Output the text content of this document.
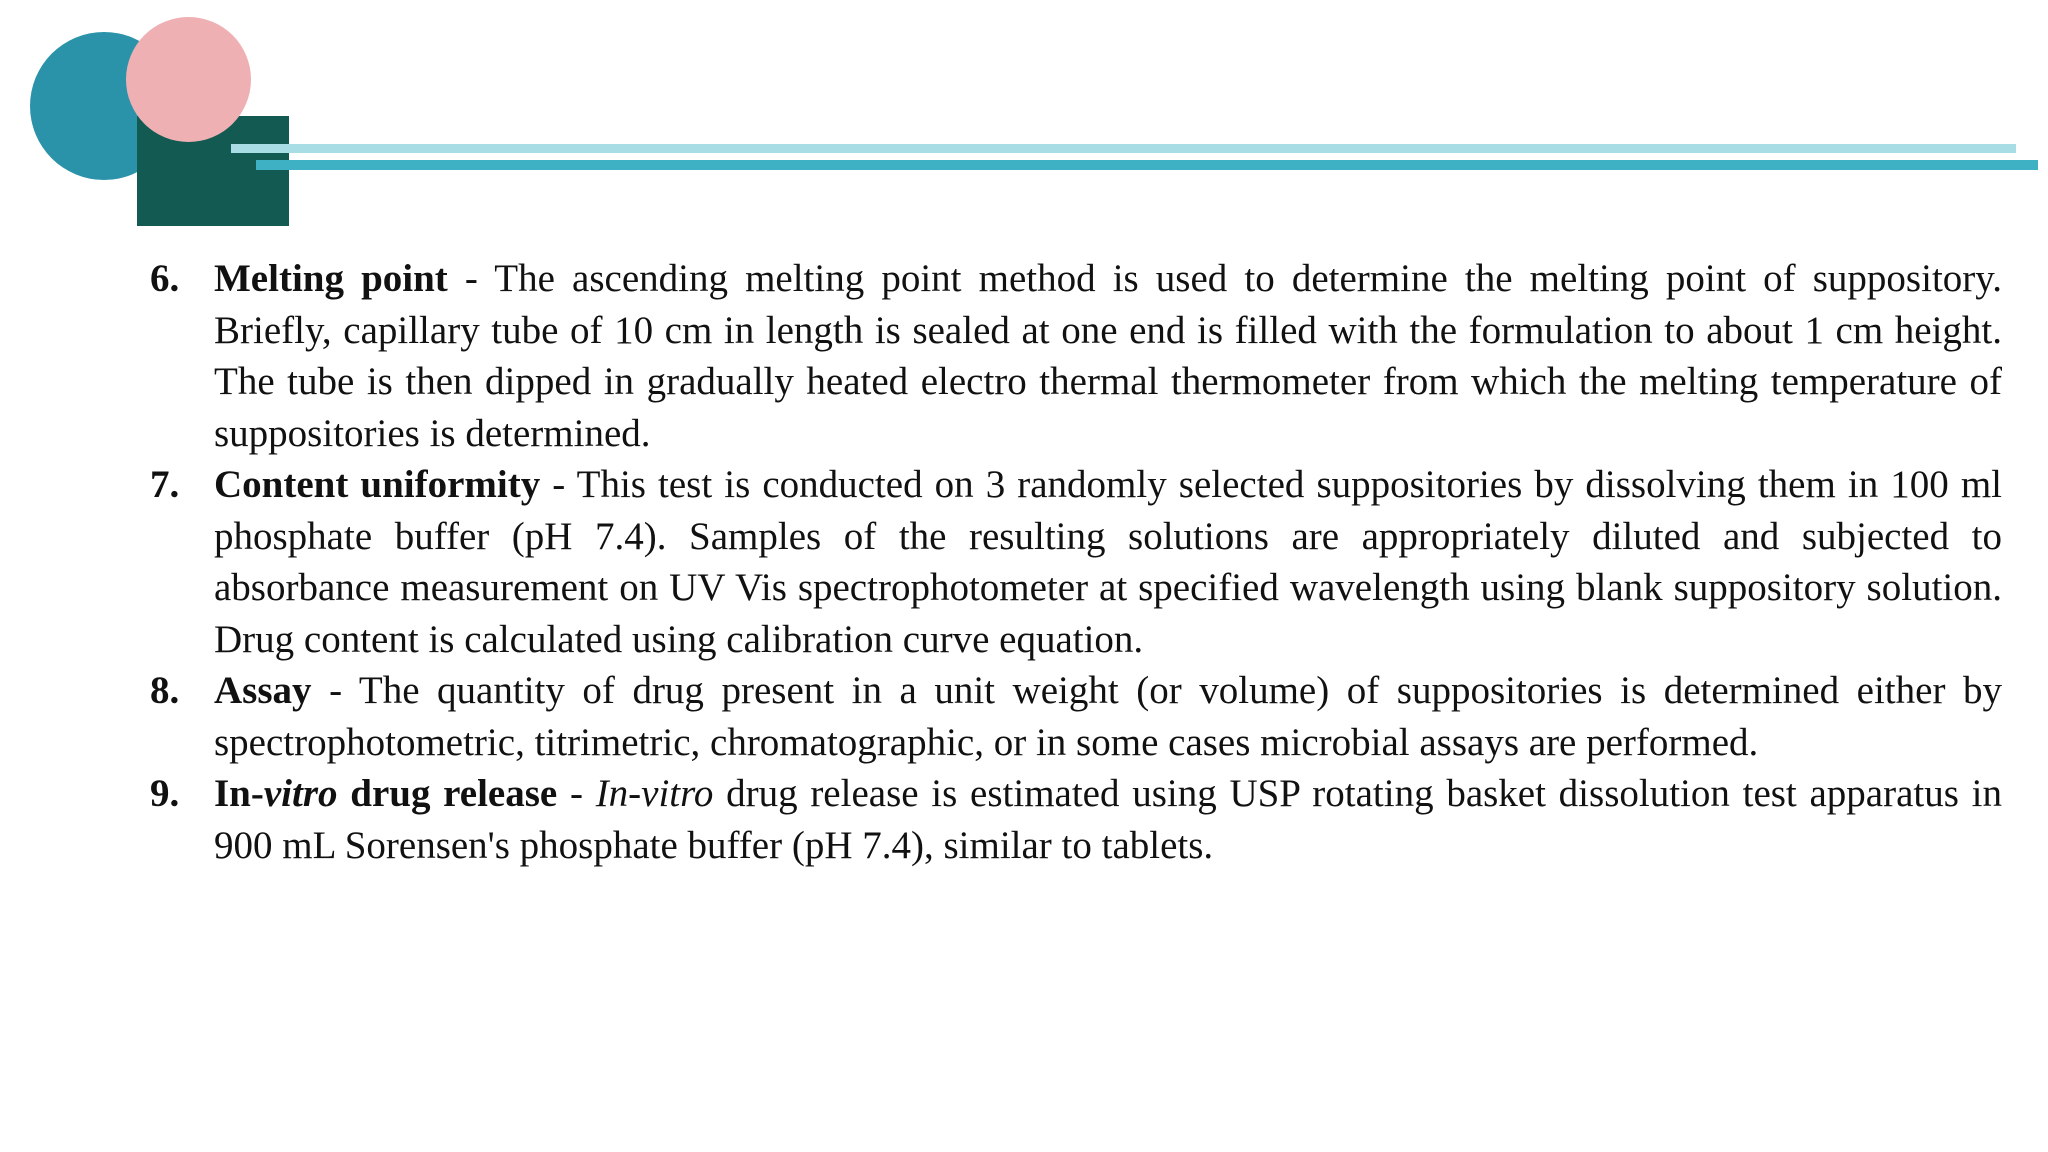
6. Melting point - The ascending melting point method is used to determine the melting point of suppository. Briefly, capillary tube of 10 cm in length is sealed at one end is filled with the formulation to about 1 cm height. The tube is then dipped in gradually heated electro thermal thermometer from which the melting temperature of suppositories is determined.
7. Content uniformity - This test is conducted on 3 randomly selected suppositories by dissolving them in 100 ml phosphate buffer (pH 7.4). Samples of the resulting solutions are appropriately diluted and subjected to absorbance measurement on UV Vis spectrophotometer at specified wavelength using blank suppository solution. Drug content is calculated using calibration curve equation.
8. Assay - The quantity of drug present in a unit weight (or volume) of suppositories is determined either by spectrophotometric, titrimetric, chromatographic, or in some cases microbial assays are performed.
9. In-vitro drug release - In-vitro drug release is estimated using USP rotating basket dissolution test apparatus in 900 mL Sorensen's phosphate buffer (pH 7.4), similar to tablets.
